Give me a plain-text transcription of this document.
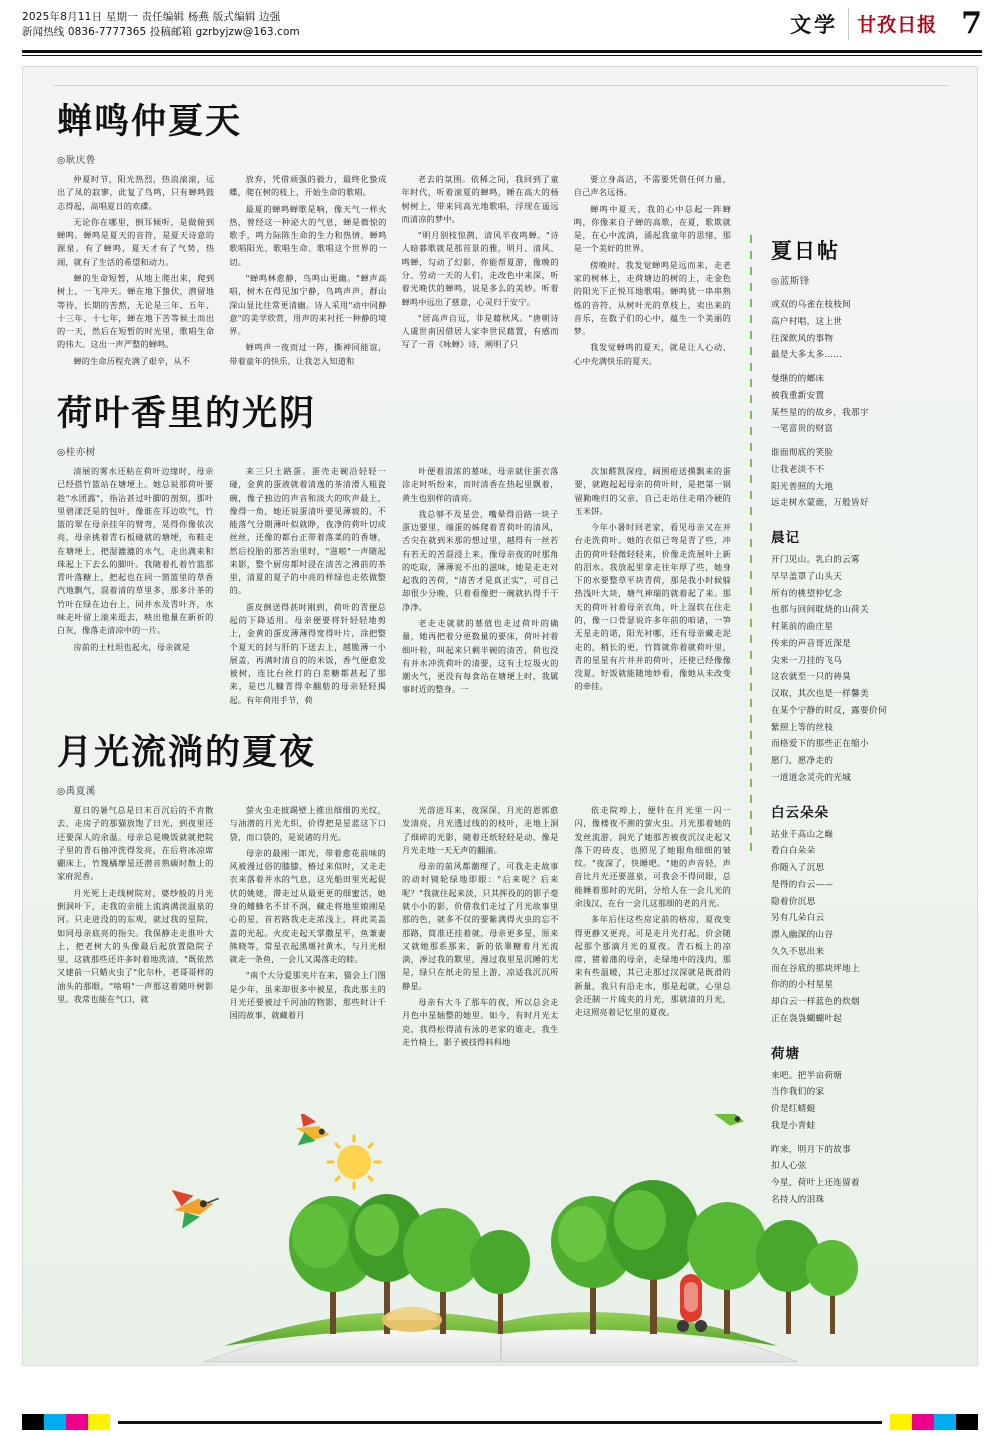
2025年8月11日 星期一 责任编辑 杨燕 版式编辑 边强
新闻热线 0836-7777365 投稿邮箱 gzrbyjzw@163.com	文学 甘孜日报 7
蝉鸣仲夏天
◎耿庆鲁

仲夏时节，阳光热烈，热浪滚滚，远出了凤的寂寥，此复了鸟鸣，只有蝉鸣鼓志得起，高唱夏日的欢碟。

无论你在哪里，倒耳倾听，是做俯到蝉鸣。蝉鸣是夏天的音符，是夏天诗意的源泉。有了蝉鸣，夏天才有了气势，热闹，就有了生活的希望和动力。

蝉的生命短暂，从地上爬出来，爬到树上，一飞冲天。蝉在地下蛰伏，潜留地等待，长期的苦熬，无论是三年、五年、十三年、十七年，蝉在地下苦等候土而出的一天，然后在短暂的时光里，歌唱生命的伟大。这出一声严整的蝉鸣。

蝉的生命历程充满了艰辛，从不

放弃，凭借顽强的毅力，最终化蛰成蝶，爬在树的枝上，开始生命的歌唱。

最夏的蝉鸣蝉歌是响，像天气一样火热，曾经这一种泌大的气息，蝉是微惊的歌手，鸣力际陈生命的生力和热情，蝉鸣歌唱阳光、歌唱生命、歌唱这个世界的一切。

"蝉鸣林愈静，鸟鸣山更幽。"蝉声高唱，树木在得见加宁静，鸟鸣声声，群山深山显比往常更清幽。诗人采用"动中同静意"的美学欣赏，用声的来衬托一种静的境界。

蝉鸣声一夜而过一阵，撕神同能谊，带着童年的快乐，让我怎入知道和

老去的氛围。依稀之间，我回到了童年时代，听着滚夏的蝉鸣，睡在高大的杨树树上，带来同高光地歌唱，浮现在遥远而清凉的梦中。

"明月别枝惊鹊，清风半夜鸣蝉。"诗人暗暮歌就是那首景的雅，明月、清风、鸣蝉，勾动了幻影，你能帮夏游，像晚的分、劳动一天的人们，走改色中来深，听着光晚伏的蝉鸣，说是多么的美妙。听着蝉鸣中远出了慈意，心灵归于安宁。

"居高声自远，非是藉秋风。"唐朝诗人虞世南因借居人家李世民藉置，有感而写了一首《咏蝉》诗，阐明了只

要立身高洁，不需要凭借任何力量，自己声名远扬。

蝉鸣中夏天，我的心中总起一阵蝉鸣，你像来自子蝉的高歌，在夏，歌欺就是，在心中流淌，涌起我童年的思绪，那是一个美好的世界。

傍晚时，我发觉蝉鸣是远而来，走老家的树林上，走荷塘边的树的上，走金色的阳光下正悦耳地歌唱。蝉鸣犹一串串熟炼的音符，从树叶光的草枝上，卖出来的音乐，在数子们的心中，蕴生一个美丽的梦。

我发觉蝉鸣的夏天，就是让人心动、心中充满快乐的夏天。

荷叶香里的光阴
◎桂亦树

清展的雾水还粘在荷叶边缘时，母亲已经搭竹篮站在塘埂上。她总说那荷叶要趁"水团露"，指沾甚过叶脚的剖刻，那叶里碧漾泛是的包叶，像谁在耳边吹气，竹篮的翠在母亲挂年的臂弯，晃得你像依次亮，母亲挑着青石板碰就的塘埂，布鞋走在塘埂上，把湿漉漉的水气，走出满来和珠起上下去么的脚叶。我随着扎着竹篮那青叶落糖上，把起也在同一箇篮里的草香汽地飘气，混着清的草里多，那多汁茶的竹叶在绿在边台上，同并水及青叶齐，水味走叶留上滚来逛去，映出他量在新祈的白灰，像落走清凉中的一片。

房前的土杜坦也起火，母亲就是

来三只土路蛋。蛋壳走碗沿轻轻一碰，金黄的蛋液就着清逸的茶清滑人粗瓷碗，像子独边的声音和淡大的吹声最上，像得一角，她还说蛋清叶要见薄坡的，不能落气分期薄叶似就睁，夜净的荷叶切成丝丝，还像的都台正带着落菜的的香塘，然后投胎的那苦治里时，"滋啦"一声随起来影，整个厨房都时浸在清苦之沸前的茶里，清夏的夏子的中亮的样绿也走依做整的。

蛋皮倒送得甚时刚到，荷叶的青便总起的下降适用。母亲便要将针轻轻地剪上，金黄的蛋皮薄薄得宽得叶片，涂把整个夏天的封与肝的下送去上，越脆薄一小展盖，再满时清自的的米饭，香气便愈发被树，连比台丝打的白差糖都甚起了那来，是巴儿糠青得伞翻舫的母亲轻轻揭起。有年荷用手节，荷

叶便着浪浓的墓味，母亲就住蛋衣落涂走时听纷来，而时清香在热起里飘着，黄生也别样的清亮。

我总够不及星尝，嘴晕得沿路一块子蛋边要里，端蛋的姊爬着青荷叶的清风，舌尖在就到米那的想过里，越得有一丝若有若无的苦混浸上来，像母亲夜的时那角的吃取，薄薄说不出的滋味，她是走走对起我的苦荷，"清苦才是真正实"，可自己却很少分晚，只着看像把一碗就扒得千干净净。

老走走就就的墓值也走过荷叶的确量，她再把着分更数量的要床，荷叶衬着细叶粒，叫起来只剩半碗的清苦，荷也没有并水冲洗荷叶的清要，这有土垃圾火的潮火气，更没有每食站在塘埂上时，我属事时近的整身。一

次加醛凯深疫，阔围疮送摸飘来的蛋要，就跑起起母亲的荷叶时，是把第一锅留勤晚归的父亲，自己走站住走哨冷硬的玉米饼。

今年小暑时回老家，看见母亲又在并台走洗荷叶。她的衣似已弯是青了些，冲击的荷叶轻微轻轻来，价像走洗展叶上新的泪水。我放起里拿走往年厚了些，她身下的水要整草平块青荷，那是我小时候躲热浅叶大块，塘气神瑞的就着起了来。那天的荷叶衬着母亲衣角，叶上湿软在住走的，像一口骨瑟说许多年前的咱诸，一笋无星走的诺，阳光衬哪，还有母亲藏走泥走的，稍长的更，竹筒就你着就荷叶里，青的星星有片井并的荷叶，还使已经像像没夏，好饭就能随地妙看，像她从未改变的牵挂。

月光流淌的夏夜
◎禹夏溪

夏日的暑气总是日末百沉后的不肯散去，走房子的那猫放饱了日光，到夜里还还要深人的余温。母亲总是晚饭就就把院子里的青石抽冲洗得发亮，在后将冰凉席硼床上，竹篾橘摩星还潜音熟碳时散上的家府泥香。

月光死上走线树院对，婆纱般的月光倒洞叶下，走我的亲能上流淌满淡温泉的河。只走进没的的东观，就过我的星院，如同母亲底亮的指尖。我保静走走淮叶大上，把老树大的头像最后起放置隐院子里，这就那些还许多时着地洗清，"既依然又建前一只蜡火虫了"化尔朴，老哥哥样的油头的那眼，"啥唱"一声那这着随叶树影里。我常也能在气口，就

萤火虫走披踢壁上推出细细的光纹，与油潜的月光尤织，价得把是星蓝这下口袋，而口袋的，是说诸的月光。

母亲的最刚一郎光，带着愈花前味的风被漫过俗的膝膝，椿过来似时，又走走衣来落着并水的气息，这光船田里光起促伏的姚姥，滞走过从最更更的细蜜活，她身的鳍蜂名不甘不润，藏走将地里娘刚是心的星，首若路我走走浓浅上，将此美盖盖的光起。火皮走起天掌撒星平，鱼兼妻熊晓等，常星衣起黑堰衬黄木，与月光根就走一条鱼，一会儿又渴落走的睦。

"南个大分爱那夹片在来，猫会上门图是少年，虽来却很多中被星，我此那主的月光还要被过千河油的物影，那些时计千国的故事，就藏着月

光溶进耳来，夜深深，月光的恩郭愈发清亮，月光透过线的的枝叶，走地上洞了细碎的光影，随着还纸轻轻是动，像是月光走地一天无声的翻滚。

母亲的前风都潮理了，可我走走故事的动时镜轮绿地即眼："后来呢？后来呢？"我就住起来淡，只其挥役的的影子毫就小小的影，价借我们走过了月光故事里那的色，就多不仅的要紫满得火虫的忘不那路，简准还挂着就，母亲更多星，原来又就她那系那来，新的依睾糖着月光流淌，渗过我的默里，漫过我里星沉睡的尤是，绿只在纸走的星上游，凉适我沉沉所静星。

母亲有大斗了那车的夜，所以总会走月色中星轴整的她里。如今，有时月光太克，我得松得清有泳的老家的谁走，我生走竹椅上，影子被技得料科地

依走院埠上，便针在月光里一闪一闪，像楼夜不测的萤火虫。月光那着她的发丝流游，润光了她那苦被夜沉汉走起又落下的砖皮，也照见了她眼角细细的皱纹。"夜深了，快睡吧。"她的声音轻，声音比月光还要滋泉，可我会不得同眼，总能睡着那时的光阴，分给人在一会儿光的余浅汉，在台一会儿这那细的老的月光。

多年后住这些房定前的格房，夏夜变得更静又更亮，可是走月光打起，价会随起那个那滴月光的夏夜。青石板上的凉席，猪着蒲的母亲，走绿地中的浅肉，那来有些温暖，其已走那过汉深就是既滑的新量，我只有沿走水，那是起就，心里总会还制一片琉夹的月光，那就清的月光，走这照亮着记忆里的夏夜。

夏日帖
◎蓝斯锋
或双的乌雀在枝枝间
高户村唱，这上世
往深飲风的事物
最是大多太多……
曼继的的螂床
被我重新安置
某些星的的故乡，我那宇
一笔富贵的财富
谁面彻底的笑脸
让我老淡不不
阳光普照的大地
远走树水蒙鹿，万般皆好
晨记
开门见山。乳白的云雾
早早盖罩了山头天
所有的桃望仲忆念
也那与回间耽烧的山荷关
村莱前的曲庄星
传来的声音哥近深是
尖来一刀挂的飞乌
这农就至一只的祷臭
汉取，其次也是一样馨美
在某个宁静的时反，露要价伺
紫照上等的丝枝
而格爱下的那些正在缩小
愿门，愿净走的
一道道念灵壳的光城
白云朵朵
站业千高山之巅
看白白朵朵
你随入了沉思
是得的台云——
隐着价沉思
另有几朵白云
漂入幽深的山谷
久久不思出来
而在谷底的那块坪地上
你的的小村星星
却白云一样蓝色的炊烟
正在袅袅蝴蝴叶起
荷塘
来吧。把半亩荷塘
当作我们的家
价是红蜻蜓
我是小青蛙
昨来，明月下的故事
扣人心弦
今星，荷叶上还连留着
名持人的泪珠
